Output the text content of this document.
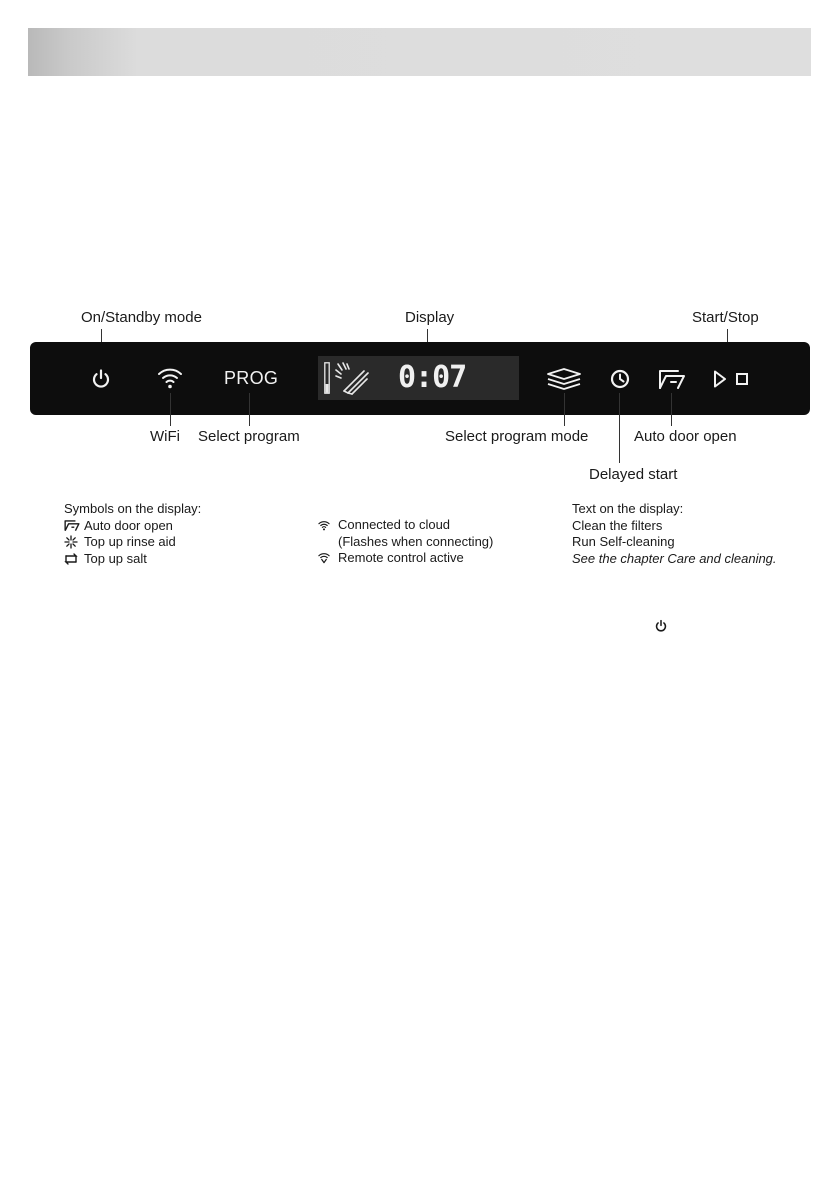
On/Standby mode	Display	Start/Stop
PROG	0:07
WiFi Select program	Select program mode	Auto door open
Delayed start
Symbols on the display:
Auto door open
Top up rinse aid
Top up salt
Connected to cloud
(Flashes when connecting)
Remote control active
Text on the display:
Clean the filters
Run Self-cleaning
See the chapter Care and cleaning.
